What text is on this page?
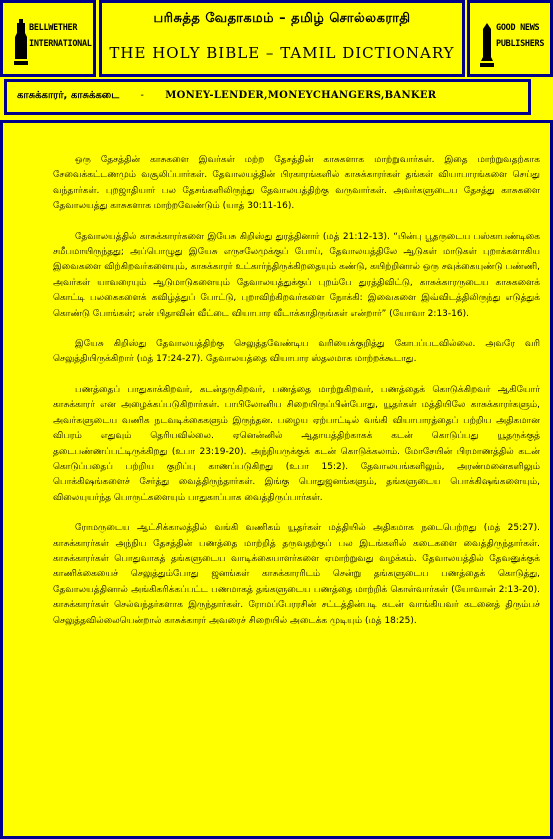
BELLWETHER
INTERNATIONAL
பரிசுத்த வேதாகமம் – தமிழ் சொல்லகராதி
THE HOLY BIBLE – TAMIL DICTIONARY
GOOD NEWS
PUBLISHERS
காசுக்காரர், காசுக்கடை - MONEY-LENDER,MONEYCHANGERS,BANKER

ஒரு தேசத்தின் காசுகளை இவர்கள் மற்ற தேசத்தின் காசுகளாக மாற்றுவார்கள். இதை மாற்றுவதற்காக சேவைக்கட்டணமும் வசூலிப்பார்கள். தேவாலயத்தின் பிரகாரங்களில் காசுக்காரர்கள் தங்கள் வியாபாரங்களை செய்து வந்தார்கள். புறஜாதியார் பல தேசங்களிலிருந்து தேவாலயத்திற்கு வருவார்கள். அவர்களுடைய தேசத்து காசுகளை தேவாலயத்து காசுகளாக மாற்றவேண்டும் (யாத் 30:11-16).

தேவாலயத்தில் காசுக்காரர்களை இயேசு கிறிஸ்து துரத்தினார் (மத் 21:12-13). “பின்பு பூதருடைய பஸ்காபண்டிகை சமீபமாயிருந்தது; அப்பொழுது இயேசு எருசலேமுக்குப் போய், தேவாலயத்திலே ஆடுகள் மாடுகள் புறாக்களாகிய இவைகளை விற்கிறவர்களையும், காசுக்காரர் உட்கார்ந்திருக்கிறதையும் கண்டு, கயிற்றினால் ஒரு சவுக்கையுண்டு பண்ணி, அவர்கள் யாவரையும் ஆடுமாடுகளையும் தேவாலயத்துக்குப் புறம்பே துரத்திவிட்டு, காசுக்காரருடைய காசுகளைக் கொட்டி பலகைகளைக் கவிழ்த்துப் போட்டு, புறாவிற்கிறவர்களை நோக்கி: இவைகளை இவ்விடத்திலிருந்து எடுத்துக் கொண்டு போங்கள்; என் பிதாவின் வீட்டை வியாபார வீடாக்காதிருங்கள் என்றார்” (யோவா 2:13-16).

இயேசு கிறிஸ்து தேவாலயத்திற்கு செலுத்தவேண்டிய வரியைக்குறித்து கோபப்படவில்லை. அவரே வரி செலுத்தியிருக்கிறார் (மத் 17:24-27). தேவாலயத்தை வியாபார ஸ்தலமாக மாற்றக்கூடாது.

பணத்தைப் பாதுகாக்கிறவர், கடன்தருகிறவர், பணத்தை மாற்றுகிறவர், பணத்தைக் கொடுக்கிறவர் ஆகியோர் காசுக்காரர் என அழைக்கப்படுகிறார்கள். பாபிலோனிய சிறையிருப்பின்போது, யூதர்கள் மத்தியிலே காசுக்காரர்களும், அவர்களுடைய வணிக நடவடிக்கைகளும் இருந்தன. பழைய ஏற்பாட்டில் வங்கி வியாபாரத்தைப் பற்றிய அதிகமான விபரம் எதுவும் தெரியவில்லை. ஏனென்னில் ஆதாயத்திற்காகக் கடன் கொடுப்பது யூதருக்குத் தடைபண்ணப்பட்டிருக்கிறது (உபா 23:19-20). அந்நியருக்குக் கடன் கொடுக்கலாம். மோசேயின் பிரமாணத்தில் கடன் கொடுப்பதைப் பற்றிய குறிப்பு காணப்படுகிறது (உபா 15:2). தேவாலயங்களிலும், அரண்மனைகளிலும் பொக்கிஷங்களைச் சேர்த்து வைத்திருந்தார்கள். இங்கு பொதுஜனங்களும், தங்களுடைய பொக்கிஷங்களையும், விலையுயர்ந்த பொருட்களையும் பாதுகாப்பாக வைத்திருப்பார்கள்.

ரோமருடைய ஆட்சிக்காலத்தில் வங்கி வணிகம் யூதர்கள் மத்தியில் அதிகமாக நடைபெற்றது (மத் 25:27). காசுக்காரர்கள் அந்நிய தேசத்தின் பணத்தை மாற்றித் தருவதற்குப் பல இடங்களில் கடைகளை வைத்திருந்தார்கள். காசுக்காரர்கள் பொதுவாகத் தங்களுடைய வாடிக்கையாளர்களை ஏமாற்றுவது வழக்கம். தேவாலயத்தில் தேவனுக்குக் காணிக்கையைச் செலுத்தும்போது ஜனங்கள் காசுக்காரரிடம் சென்று தங்களுடைய பணத்தைக் கொடுத்து, தேவாலயத்தினால் அங்கிகரிக்கப்பட்ட பணமாகத் தங்களுடைய பணத்தை மாற்றிக் கொள்வார்கள் (யோவான் 2:13-20). காசுக்காரர்கள் செல்வந்தர்களாக இருந்தார்கள். ரோமப்பேரரசின் சட்டத்தின்படி கடன் வாங்கியவர் கடனைத் திரும்பச் செலுத்தவில்லையென்றால் காசுக்காரர் அவரைச் சிறையில் அடைக்க முடியும் (மத் 18:25).
